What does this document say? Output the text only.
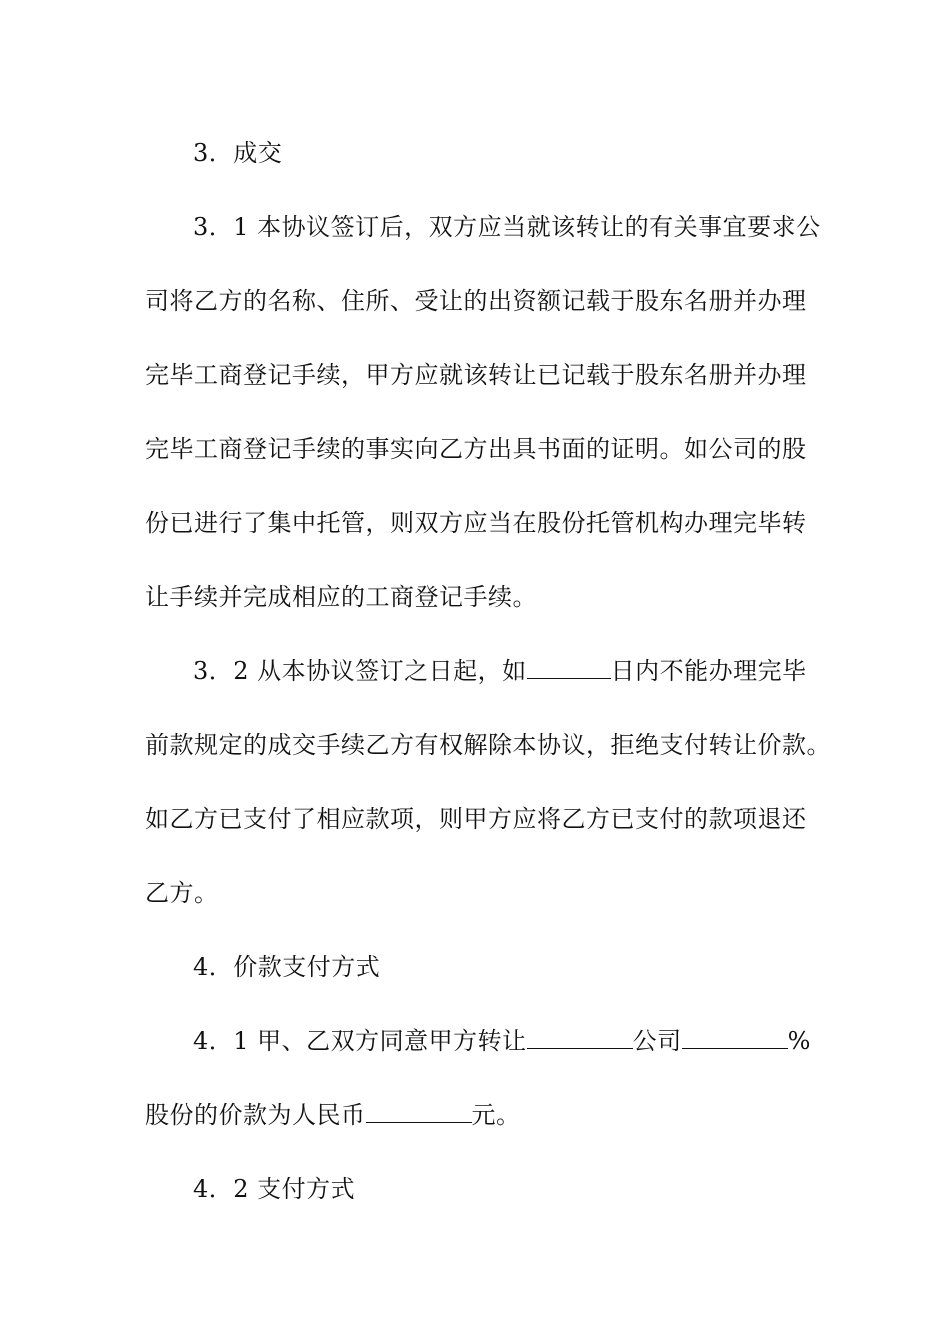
3．成交
3．1 本协议签订后，双方应当就该转让的有关事宜要求公
司将乙方的名称、住所、受让的出资额记载于股东名册并办理
完毕工商登记手续，甲方应就该转让已记载于股东名册并办理
完毕工商登记手续的事实向乙方出具书面的证明。如公司的股
份已进行了集中托管，则双方应当在股份托管机构办理完毕转
让手续并完成相应的工商登记手续。
3．2 从本协议签订之日起，如	日内不能办理完毕
前款规定的成交手续乙方有权解除本协议，拒绝支付转让价款。
如乙方已支付了相应款项，则甲方应将乙方已支付的款项退还
乙方。
4．价款支付方式
4．1 甲、乙双方同意甲方转让	公司	%
股份的价款为人民币	元。
4．2 支付方式
